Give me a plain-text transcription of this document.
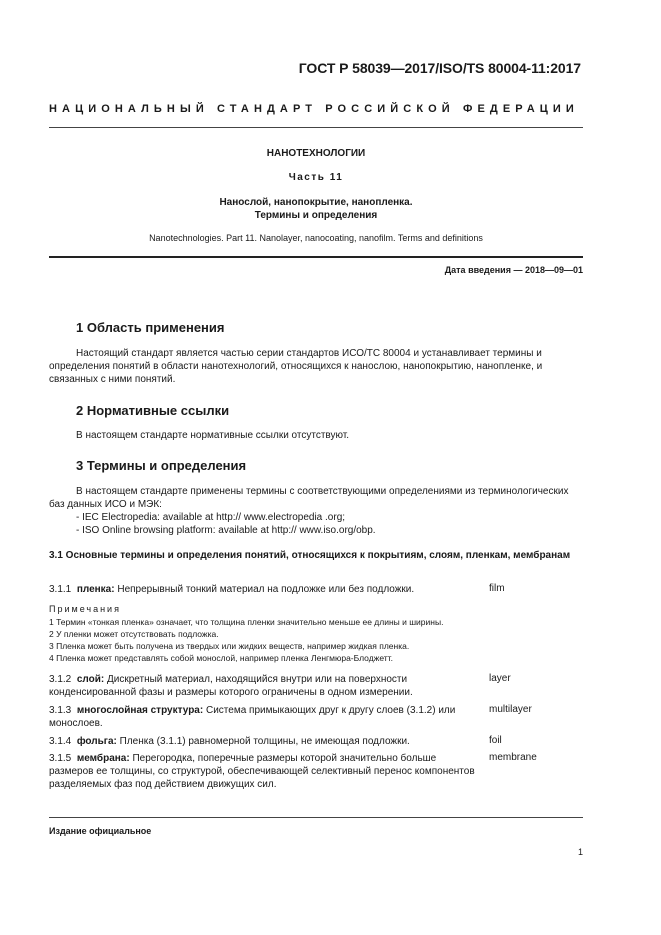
ГОСТ Р 58039—2017/ISO/TS 80004-11:2017
НАЦИОНАЛЬНЫЙ СТАНДАРТ РОССИЙСКОЙ ФЕДЕРАЦИИ
НАНОТЕХНОЛОГИИ
Часть 11
Нанослой, нанопокрытие, нанопленка.
Термины и определения
Nanotechnologies. Part 11. Nanolayer, nanocoating, nanofilm. Terms and definitions
Дата введения — 2018—09—01
1 Область применения
Настоящий стандарт является частью серии стандартов ИСО/ТС 80004 и устанавливает термины и определения понятий в области нанотехнологий, относящихся к нанослою, нанопокрытию, нанопленке, и связанных с ними понятий.
2 Нормативные ссылки
В настоящем стандарте нормативные ссылки отсутствуют.
3 Термины и определения
В настоящем стандарте применены термины с соответствующими определениями из терминологических баз данных ИСО и МЭК:
- IEC Electropedia: available at http:// www.electropedia .org;
- ISO Online browsing platform: available at http:// www.iso.org/obp.
3.1 Основные термины и определения понятий, относящихся к покрытиям, слоям, пленкам, мембранам
3.1.1 пленка: Непрерывный тонкий материал на подложке или без подложки.	film
Примечания
1 Термин «тонкая пленка» означает, что толщина пленки значительно меньше ее длины и ширины.
2 У пленки может отсутствовать подложка.
3 Пленка может быть получена из твердых или жидких веществ, например жидкая пленка.
4 Пленка может представлять собой монослой, например пленка Ленгмюра-Блоджетт.
3.1.2 слой: Дискретный материал, находящийся внутри или на поверхности конденсированной фазы и размеры которого ограничены в одном измерении.
layer
3.1.3 многослойная структура: Система примыкающих друг к другу слоев (3.1.2) или монослоев.
multilayer
3.1.4 фольга: Пленка (3.1.1) равномерной толщины, не имеющая подложки.	foil
3.1.5 мембрана: Перегородка, поперечные размеры которой значительно больше размеров ее толщины, со структурой, обеспечивающей селективный перенос компонентов разделяемых фаз под действием движущих сил.
membrane
Издание официальное
1
